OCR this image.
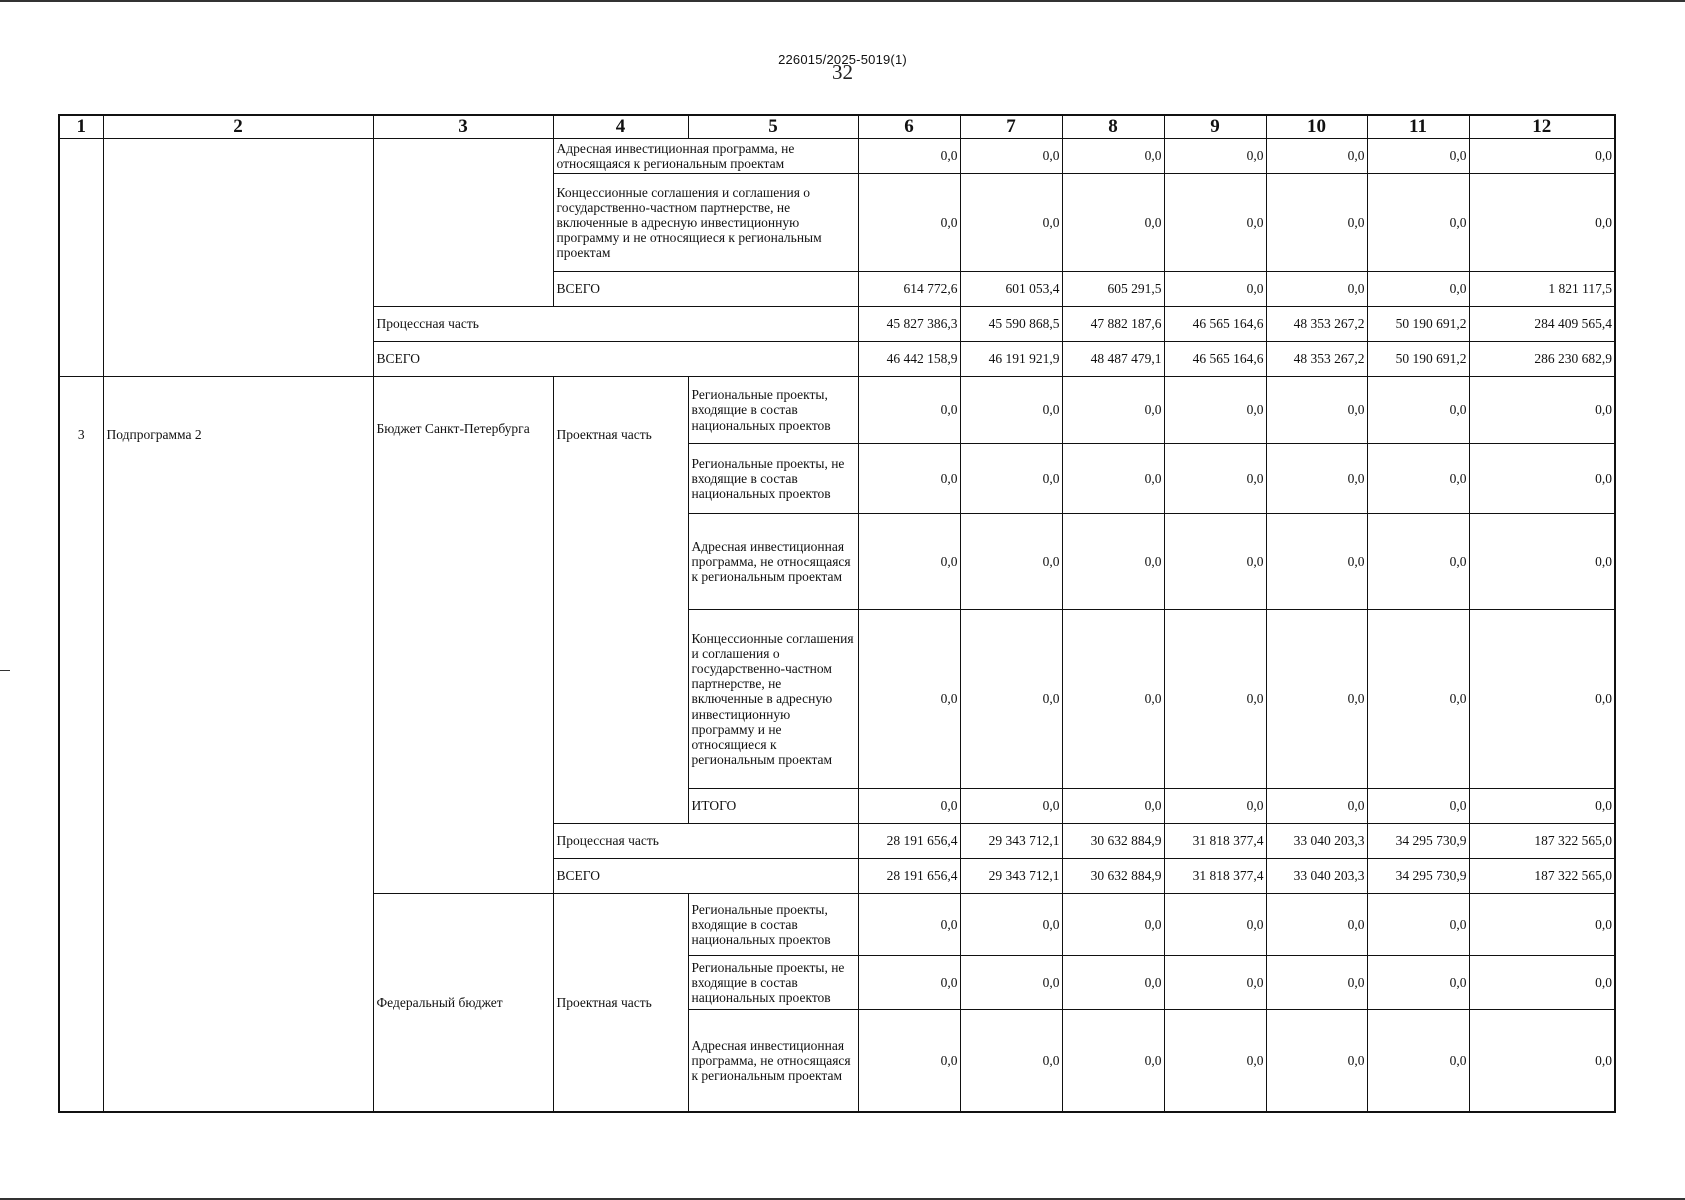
226015/2025-5019(1)
32
1	2	3	4	5	6	7	8	9	10	11	12
			Адресная инвестиционная программа, не относящаяся к региональным проектам		0,0	0,0	0,0	0,0	0,0	0,0	0,0
			Концессионные соглашения и соглашения о государственно-частном партнерстве, не включенные в адресную инвестиционную программу и не относящиеся к региональным проектам		0,0	0,0	0,0	0,0	0,0	0,0	0,0
			ВСЕГО		614 772,6	601 053,4	605 291,5	0,0	0,0	0,0	1 821 117,5
		Процессная часть			45 827 386,3	45 590 868,5	47 882 187,6	46 565 164,6	48 353 267,2	50 190 691,2	284 409 565,4
		ВСЕГО			46 442 158,9	46 191 921,9	48 487 479,1	46 565 164,6	48 353 267,2	50 190 691,2	286 230 682,9
3	Подпрограмма 2	Бюджет Санкт-Петербурга	Проектная часть	Региональные проекты, входящие в состав национальных проектов	0,0	0,0	0,0	0,0	0,0	0,0	0,0
				Региональные проекты, не входящие в состав национальных проектов	0,0	0,0	0,0	0,0	0,0	0,0	0,0
				Адресная инвестиционная программа, не относящаяся к региональным проектам	0,0	0,0	0,0	0,0	0,0	0,0	0,0
				Концессионные соглашения и соглашения о государственно-частном партнерстве, не включенные в адресную инвестиционную программу и не относящиеся к региональным проектам	0,0	0,0	0,0	0,0	0,0	0,0	0,0
				ИТОГО	0,0	0,0	0,0	0,0	0,0	0,0	0,0
			Процессная часть		28 191 656,4	29 343 712,1	30 632 884,9	31 818 377,4	33 040 203,3	34 295 730,9	187 322 565,0
			ВСЕГО		28 191 656,4	29 343 712,1	30 632 884,9	31 818 377,4	33 040 203,3	34 295 730,9	187 322 565,0
		Федеральный бюджет	Проектная часть	Региональные проекты, входящие в состав национальных проектов	0,0	0,0	0,0	0,0	0,0	0,0	0,0
				Региональные проекты, не входящие в состав национальных проектов	0,0	0,0	0,0	0,0	0,0	0,0	0,0
				Адресная инвестиционная программа, не относящаяся к региональным проектам	0,0	0,0	0,0	0,0	0,0	0,0	0,0
